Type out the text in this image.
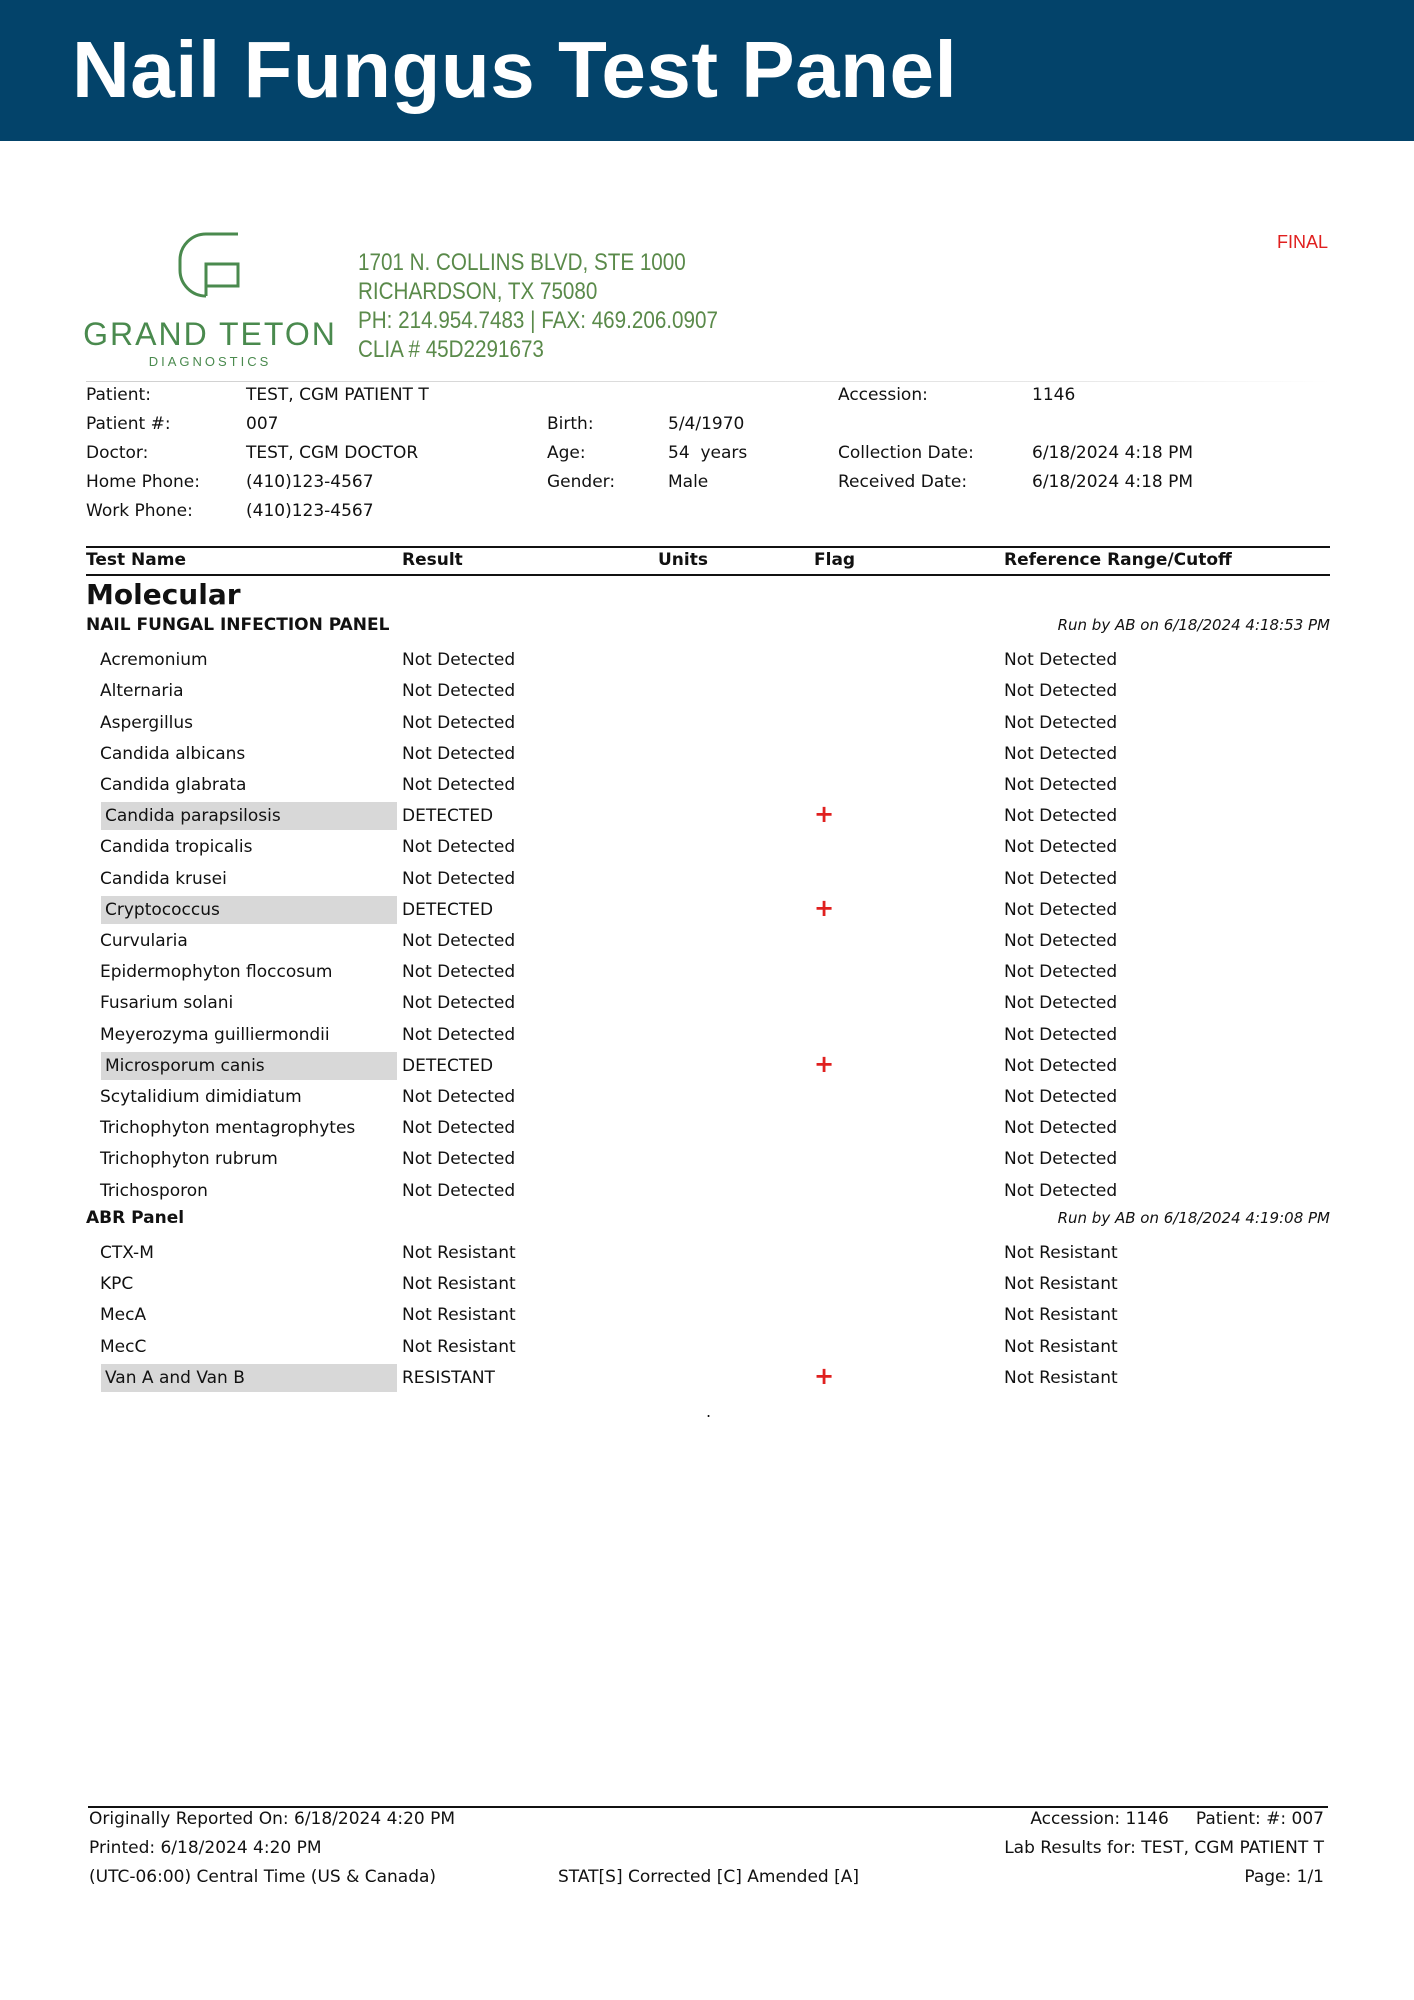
Nail Fungus Test Panel
FINAL
GRAND TETON
DIAGNOSTICS
1701 N. COLLINS BLVD, STE 1000
RICHARDSON, TX 75080
PH: 214.954.7483 | FAX: 469.206.0907
CLIA # 45D2291673
Patient:	TEST, CGM PATIENT T	Accession:	1146
Patient #:	007	Birth:	5/4/1970
Doctor:	TEST, CGM DOCTOR	Age:	54  years	Collection Date:	6/18/2024 4:18 PM
Home Phone:	(410)123-4567	Gender:	Male	Received Date:	6/18/2024 4:18 PM
Work Phone:	(410)123-4567
Test Name	Result	Units	Flag	Reference Range/Cutoff
Molecular
NAIL FUNGAL INFECTION PANEL	Run by AB on 6/18/2024 4:18:53 PM
Acremonium	Not Detected	Not Detected
Alternaria	Not Detected	Not Detected
Aspergillus	Not Detected	Not Detected
Candida albicans	Not Detected	Not Detected
Candida glabrata	Not Detected	Not Detected
Candida parapsilosis	DETECTED	+	Not Detected
Candida tropicalis	Not Detected	Not Detected
Candida krusei	Not Detected	Not Detected
Cryptococcus	DETECTED	+	Not Detected
Curvularia	Not Detected	Not Detected
Epidermophyton floccosum	Not Detected	Not Detected
Fusarium solani	Not Detected	Not Detected
Meyerozyma guilliermondii	Not Detected	Not Detected
Microsporum canis	DETECTED	+	Not Detected
Scytalidium dimidiatum	Not Detected	Not Detected
Trichophyton mentagrophytes	Not Detected	Not Detected
Trichophyton rubrum	Not Detected	Not Detected
Trichosporon	Not Detected	Not Detected
ABR Panel	Run by AB on 6/18/2024 4:19:08 PM
CTX-M	Not Resistant	Not Resistant
KPC	Not Resistant	Not Resistant
MecA	Not Resistant	Not Resistant
MecC	Not Resistant	Not Resistant
Van A and Van B	RESISTANT	+	Not Resistant
.
Originally Reported On: 6/18/2024 4:20 PM
Printed: 6/18/2024 4:20 PM
(UTC-06:00) Central Time (US & Canada)	STAT[S] Corrected [C] Amended [A]
Accession: 1146     Patient: #: 007
Lab Results for: TEST, CGM PATIENT T
Page: 1/1
